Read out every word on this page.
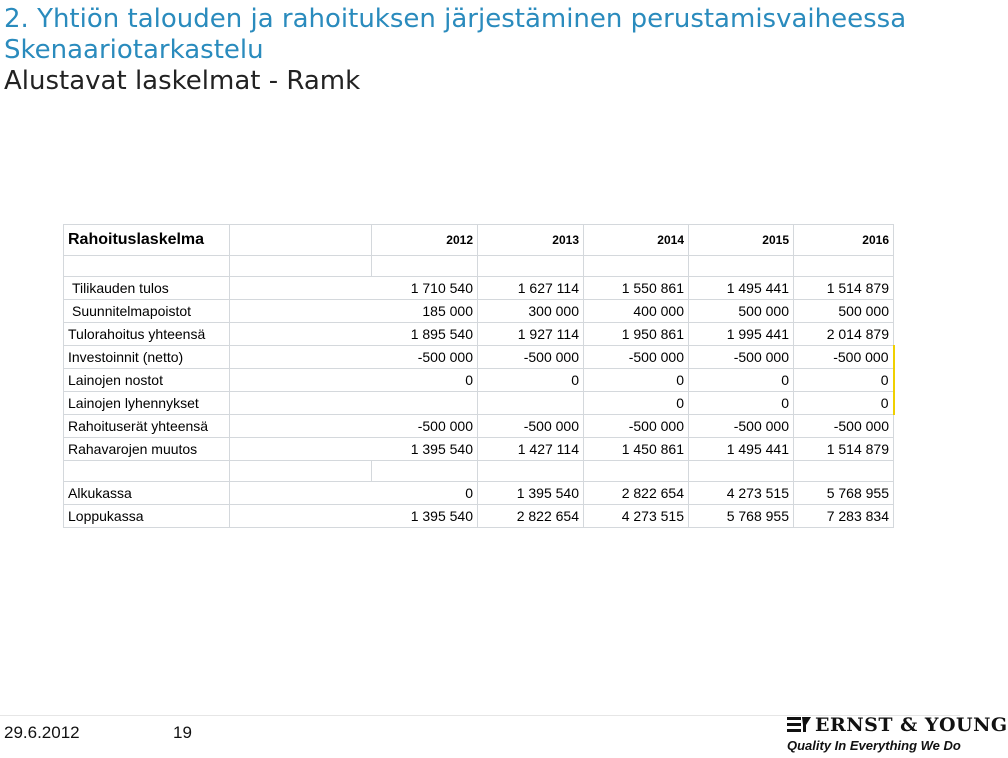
2. Yhtiön talouden ja rahoituksen järjestäminen perustamisvaiheessa
Skenaariotarkastelu
Alustavat laskelmat - Ramk
Rahoituslaskelma		2012	2013	2014	2015	2016

Tilikauden tulos	1 710 540		1 627 114	1 550 861	1 495 441	1 514 879
Suunnitelmapoistot	185 000		300 000	400 000	500 000	500 000
Tulorahoitus yhteensä	1 895 540		1 927 114	1 950 861	1 995 441	2 014 879
Investoinnit (netto)	-500 000		-500 000	-500 000	-500 000	-500 000
Lainojen nostot	0		0	0	0	0
Lainojen lyhennykset				0	0	0
Rahoituserät yhteensä	-500 000		-500 000	-500 000	-500 000	-500 000
Rahavarojen muutos	1 395 540		1 427 114	1 450 861	1 495 441	1 514 879

Alkukassa	0		1 395 540	2 822 654	4 273 515	5 768 955
Loppukassa	1 395 540		2 822 654	4 273 515	5 768 955	7 283 834
29.6.2012	19	ERNST & YOUNG
Quality In Everything We Do
